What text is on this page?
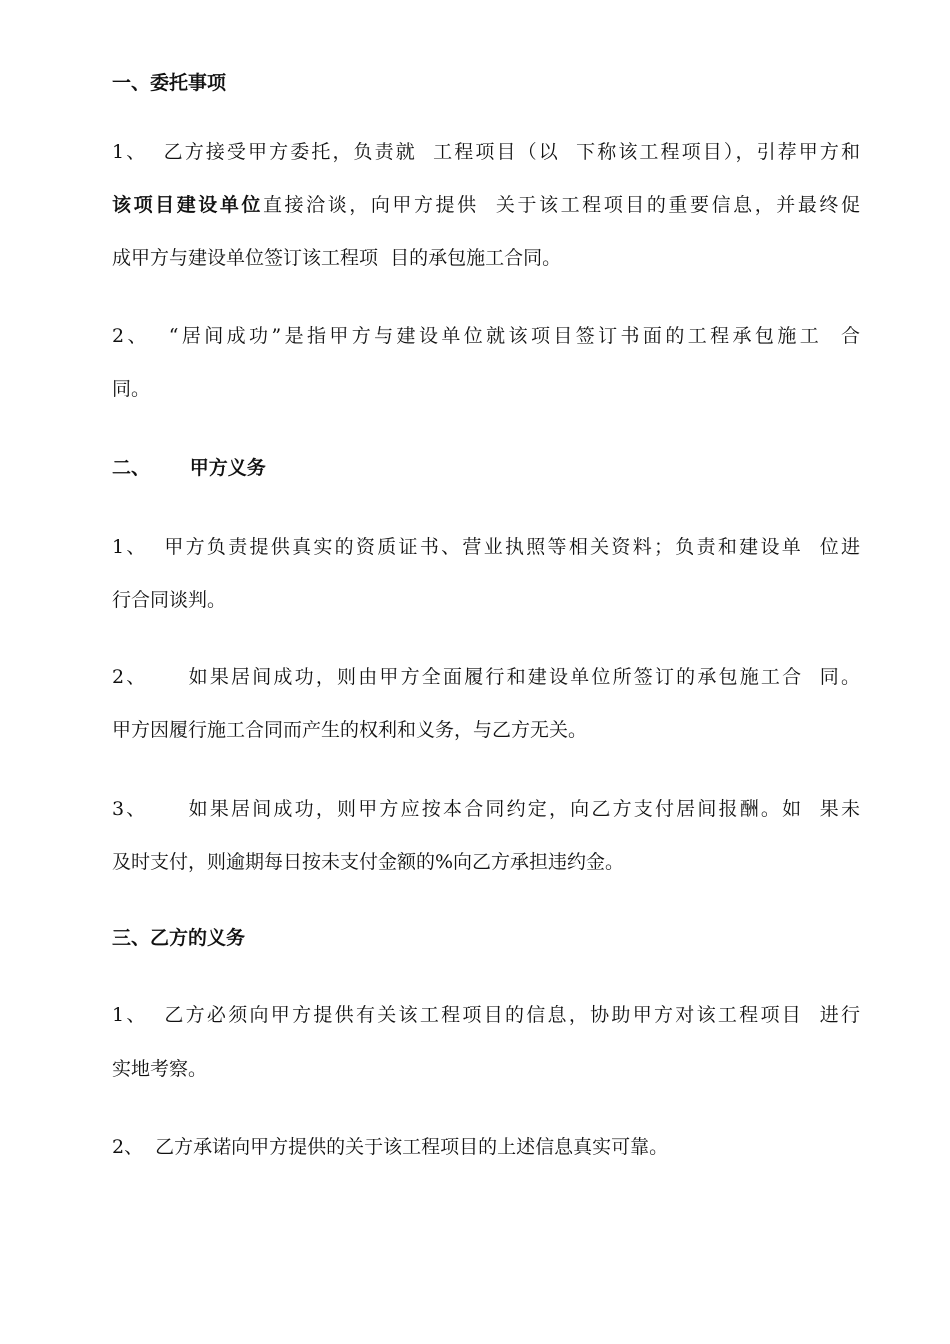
一、委托事项
1、  乙方接受甲方委托，负责就  工程项目（以  下称该工程项目），引荐甲方和
该项目建设单位直接洽谈，向甲方提供  关于该工程项目的重要信息，并最终促
成甲方与建设单位签订该工程项  目的承包施工合同。
2、  “居间成功”是指甲方与建设单位就该项目签订书面的工程承包施工  合
同。
二、      甲方义务
1、  甲方负责提供真实的资质证书、营业执照等相关资料；负责和建设单  位进
行合同谈判。
2、     如果居间成功，则由甲方全面履行和建设单位所签订的承包施工合  同。
甲方因履行施工合同而产生的权利和义务，与乙方无关。
3、     如果居间成功，则甲方应按本合同约定，向乙方支付居间报酬。如  果未
及时支付，则逾期每日按未支付金额的%向乙方承担违约金。
三、乙方的义务
1、  乙方必须向甲方提供有关该工程项目的信息，协助甲方对该工程项目  进行
实地考察。
2、  乙方承诺向甲方提供的关于该工程项目的上述信息真实可靠。
